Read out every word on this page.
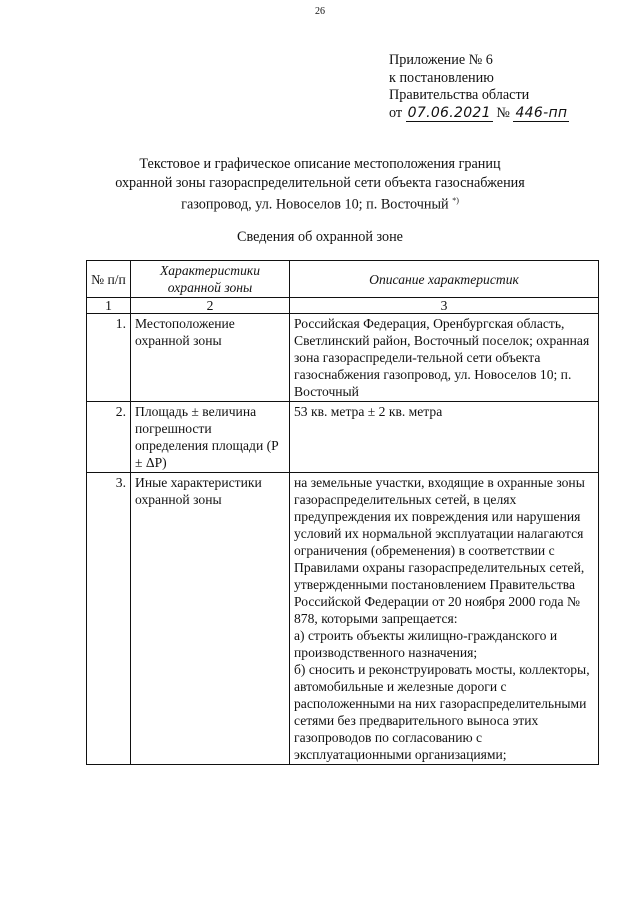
26
Приложение № 6
к постановлению
Правительства области
от 07.06.2021 № 446-пп
Текстовое и графическое описание местоположения границ
охранной зоны газораспределительной сети объекта газоснабжения
газопровод, ул. Новоселов 10; п. Восточный *)
Сведения об охранной зоне
№ п/п	Характеристики охранной зоны	Описание характеристик
1	2	3
1.	Местоположение охранной зоны	Российская Федерация, Оренбургская область, Светлинский район, Восточный поселок; охранная зона газораспредели-тельной сети объекта газоснабжения газопровод, ул. Новоселов 10; п. Восточный
2.	Площадь ± величина погрешности определения площади (Р ± ΔР)	53 кв. метра ± 2 кв. метра
3.	Иные характеристики охранной зоны	на земельные участки, входящие в охранные зоны газораспределительных сетей, в целях предупреждения их повреждения или нарушения условий их нормальной эксплуатации налагаются ограничения (обременения) в соответствии с Правилами охраны газораспределительных сетей, утвержденными постановлением Правительства Российской Федерации от 20 ноября 2000 года № 878, которыми запрещается:
а) строить объекты жилищно-гражданского и производственного назначения;
б) сносить и реконструировать мосты, коллекторы, автомобильные и железные дороги с расположенными на них газораспределительными сетями без предварительного выноса этих газопроводов по согласованию с эксплуатационными организациями;
